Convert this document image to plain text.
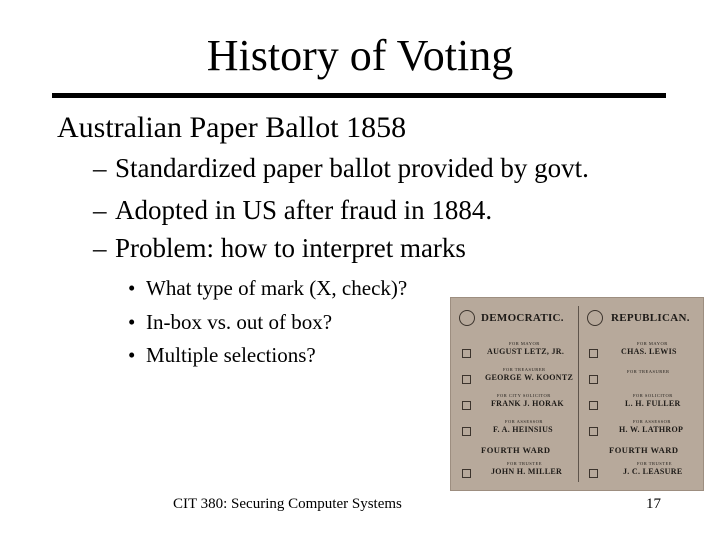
History of Voting
Australian Paper Ballot 1858
– Standardized paper ballot provided by govt.
– Adopted in US after fraud in 1884.
– Problem: how to interpret marks
• What type of mark (X, check)?
• In-box vs. out of box?
• Multiple selections?
DEMOCRATIC.	REPUBLICAN.
FOR MAYOR
AUGUST LETZ, JR.
FOR TREASURER
GEORGE W. KOONTZ
FOR CITY SOLICITOR
FRANK J. HORAK
FOR ASSESSOR
F. A. HEINSIUS
FOURTH WARD
FOR TRUSTEE
JOHN H. MILLER
FOR MAYOR
CHAS. LEWIS
FOR TREASURER
FOR SOLICITOR
L. H. FULLER
FOR ASSESSOR
H. W. LATHROP
FOURTH WARD
FOR TRUSTEE
J. C. LEASURE
CIT 380: Securing Computer Systems	17
